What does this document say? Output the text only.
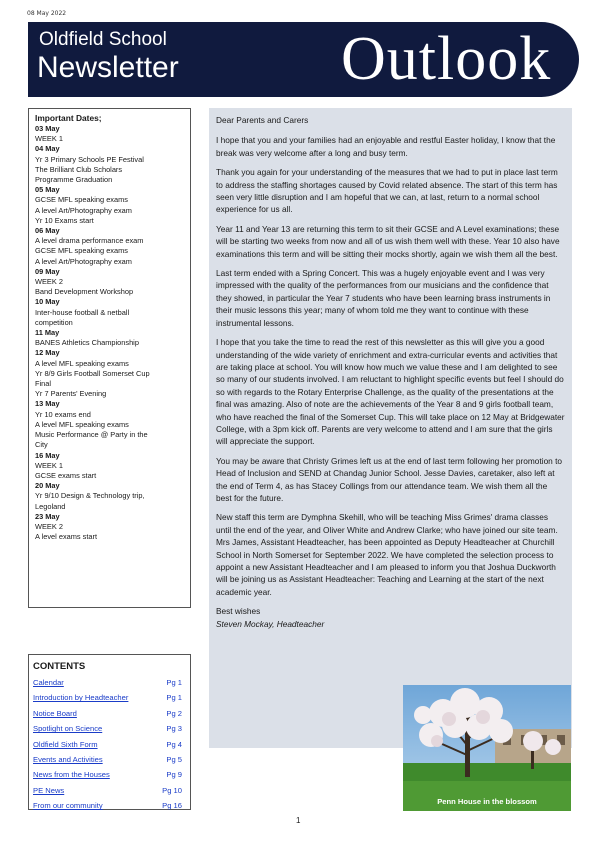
08 May 2022
Oldfield School
Newsletter	Outlook
Important Dates;
03 May
WEEK 1
04 May
Yr 3 Primary Schools PE Festival
The Brilliant Club Scholars
Programme Graduation
05 May
GCSE MFL speaking exams
A level Art/Photography exam
Yr 10 Exams start
06 May
A level drama performance exam
GCSE MFL speaking exams
A level Art/Photography exam
09 May
WEEK 2
Band Development Workshop
10 May
Inter-house football & netball
competition
11 May
BANES Athletics Championship
12 May
A level MFL speaking exams
Yr 8/9 Girls Football Somerset Cup
Final
Yr 7 Parents' Evening
13 May
Yr 10 exams end
A level MFL speaking exams
Music Performance @ Party in the
City
16 May
WEEK 1
GCSE exams start
20 May
Yr 9/10 Design & Technology trip,
Legoland
23 May
WEEK 2
A level exams start
CONTENTS
Calendar	Pg 1
Introduction by Headteacher	Pg 1
Notice Board	Pg 2
Spotlight on Science	Pg 3
Oldfield Sixth Form	Pg 4
Events and Activities	Pg 5
News from the Houses	Pg 9
PE News	Pg 10
From our community	Pg 16

Dear Parents and Carers

I hope that you and your families had an enjoyable and restful Easter holiday, I know that the break was very welcome after a long and busy term.

Thank you again for your understanding of the measures that we had to put in place last term to address the staffing shortages caused by Covid related absence. The start of this term has seen very little disruption and I am hopeful that we can, at last, return to a normal school experience for us all.

Year 11 and Year 13 are returning this term to sit their GCSE and A Level examinations; these will be starting two weeks from now and all of us wish them well with these. Year 10 also have examinations this term and will be sitting their mocks shortly, again we wish them all the best.

Last term ended with a Spring Concert. This was a hugely enjoyable event and I was very impressed with the quality of the performances from our musicians and the confidence that they showed, in particular the Year 7 students who have been learning brass instruments in their music lessons this year; many of whom told me they want to continue with these instrumental lessons.

I hope that you take the time to read the rest of this newsletter as this will give you a good understanding of the wide variety of enrichment and extra-curricular events and activities that are taking place at school. You will know how much we value these and I am delighted to see so many of our students involved. I am reluctant to highlight specific events but feel I should do so with regards to the Rotary Enterprise Challenge, as the quality of the presentations at the final was amazing. Also of note are the achievements of the Year 8 and 9 girls football team, who have reached the final of the Somerset Cup. This will take place on 12 May at Bridgewater College, with a 3pm kick off. Parents are very welcome to attend and I am sure that the girls will appreciate the support.

You may be aware that Christy Grimes left us at the end of last term following her promotion to Head of Inclusion and SEND at Chandag Junior School. Jesse Davies, caretaker, also left at the end of Term 4, as has Stacey Collings from our attendance team. We wish them all the best for the future.

New staff this term are Dymphna Skehill, who will be teaching Miss Grimes' drama classes until the end of the year, and Oliver White and Andrew Clarke; who have joined our site team. Mrs James, Assistant Headteacher, has been appointed as Deputy Headteacher at Churchill School in North Somerset for September 2022. We have completed the selection process to appoint a new Assistant Headteacher and I am pleased to inform you that Joshua Duckworth will be joining us as Assistant Headteacher: Teaching and Learning at the start of the next academic year.

Best wishes
Steven Mockay, Headteacher
Penn House in the blossom
1
